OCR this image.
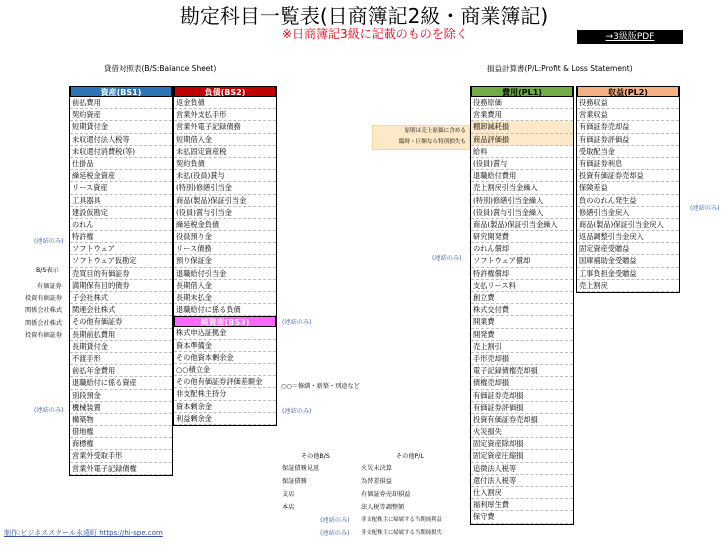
勘定科目一覧表(日商簿記2級・商業簿記)
※日商簿記3級に記載のものを除く	→3級版PDF
貸借対照表(B/S:Balance Sheet)	損益計算書(P/L:Profit & Loss Statement)
資産(BS1)
前払費用
契約資産
短期貸付金
未収還付法人税等
未収還付消費税(等)
仕掛品
繰延税金資産
リース資産
工具器具
建設仮勘定
のれん
特許権
ソフトウェア
ソフトウェア仮勘定
売買目的有価証券
満期保有目的債券
子会社株式
関連会社株式
その他有価証券
長期前払費用
長期貸付金
不渡手形
前払年金費用
退職給付に係る資産
別段預金
機械装置
構築物
借地権
商標権
営業外受取手形
営業外電子記録債権
負債(BS2)
返金負債
営業外支払手形
営業外電子記録債務
短期借入金
未払固定資産税
契約負債
未払(役員)賞与
(特別)修繕引当金
商品(製品)保証引当金
(役員)賞与引当金
繰延税金負債
役員預り金
リース債務
預り保証金
退職給付引当金
長期借入金
長期未払金
退職給付に係る負債
純資産(BS3)
株式申込証拠金
資本準備金
その他資本剰余金
○○積立金
その他有価証券評価差額金
非支配株主持分
資本剰余金
利益剰余金
費用(PL1)
役務原価
営業費用
棚卸減耗損
商品評価損
給料
(役員)賞与
退職給付費用
売上割戻引当金繰入
(特別)修繕引当金繰入
(役員)賞与引当金繰入
商品(製品)保証引当金繰入
研究開発費
のれん償却
ソフトウェア償却
特許権償却
支払リース料
創立費
株式交付費
開業費
開発費
売上割引
手形売却損
電子記録債権売却損
債権売却損
有価証券売却損
有価証券評価損
投資有価証券売却損
火災損失
固定資産除却損
固定資産圧縮損
追徴法人税等
還付法人税等
仕入割戻
福利厚生費
保守費
収益(PL2)
役務収益
営業収益
有価証券売却益
有価証券評価益
受取配当金
有価証券利息
投資有価証券売却益
保険差益
負ののれん発生益
修繕引当金戻入
商品(製品)保証引当金戻入
返品調整引当金戻入
固定資産受贈益
国庫補助金受贈益
工事負担金受贈益
売上割戻
(連結のみ)
B/S表示
有価証券
投資有価証券
関係会社株式
関係会社株式
投資有価証券
(連結のみ)
(連結のみ)
○○＝修繕・新築・別途など
(連結のみ)
(連結のみ)
(連結のみ)
原則は売上原価に含める
臨時・巨額なら特別損失も
その他B/S	その他P/L
保証債務見返
保証債務
支店
本店
火災未決算
為替差損益
有価証券売却損益
法人税等調整額
(連結のみ)
(連結のみ)
非支配株主に帰属する当期純利益
非支配株主に帰属する当期純損失
制作:ビジネススクール永遠町 https://hi-spe.com
